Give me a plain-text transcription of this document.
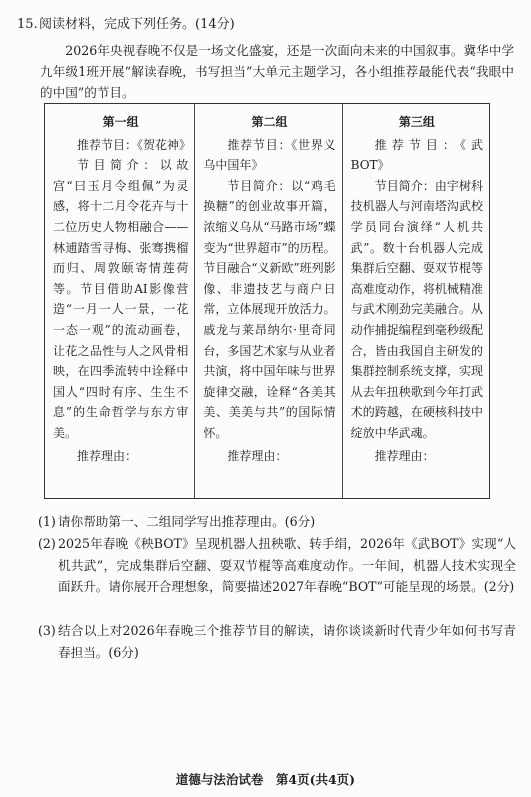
15.阅读材料，完成下列任务。(14分)
2026年央视春晚不仅是一场文化盛宴，还是一次面向未来的中国叙事。冀华中学九年级1班开展“解读春晚，书写担当”大单元主题学习，各小组推荐最能代表“我眼中的中国”的节目。
第一组

推荐节目：《贺花神》

节目简介：以故宫“曰玉月令组佩”为灵感，将十二月令花卉与十二位历史人物相融合——林逋踏雪寻梅、张骞携榴而归、周敦颐寄情莲荷等。节目借助AI影像营造“一月一人一景，一花一态一观”的流动画卷，让花之品性与人之风骨相映，在四季流转中诠释中国人“四时有序、生生不息”的生命哲学与东方审美。

推荐理由：

第二组

推荐节目：《世界义乌中国年》

节目简介：以“鸡毛换糖”的创业故事开篇，浓缩义乌从“马路市场”蝶变为“世界超市”的历程。节目融合“义新欧”班列影像、非遗技艺与商户日常，立体展现开放活力。戚龙与莱昂纳尔·里奇同台，多国艺术家与从业者共演，将中国年味与世界旋律交融，诠释“各美其美、美美与共”的国际情怀。

推荐理由：

第三组

推荐节目：《武BOT》

节目简介：由宇树科技机器人与河南塔沟武校学员同台演绎“人机共武”。数十台机器人完成集群后空翻、耍双节棍等高难度动作，将机械精准与武术刚劲完美融合。从动作捕捉编程到毫秒级配合，皆由我国自主研发的集群控制系统支撑，实现从去年扭秧歌到今年打武术的跨越，在硬核科技中绽放中华武魂。

推荐理由：

(1) 请你帮助第一、二组同学写出推荐理由。(6分)
(2) 2025年春晚《秧BOT》呈现机器人扭秧歌、转手绢，2026年《武BOT》实现“人机共武”，完成集群后空翻、耍双节棍等高难度动作。一年间，机器人技术实现全面跃升。请你展开合理想象，简要描述2027年春晚“BOT”可能呈现的场景。(2分)
(3) 结合以上对2026年春晚三个推荐节目的解读，请你谈谈新时代青少年如何书写青春担当。(6分)
道德与法治试卷　第4页(共4页)
